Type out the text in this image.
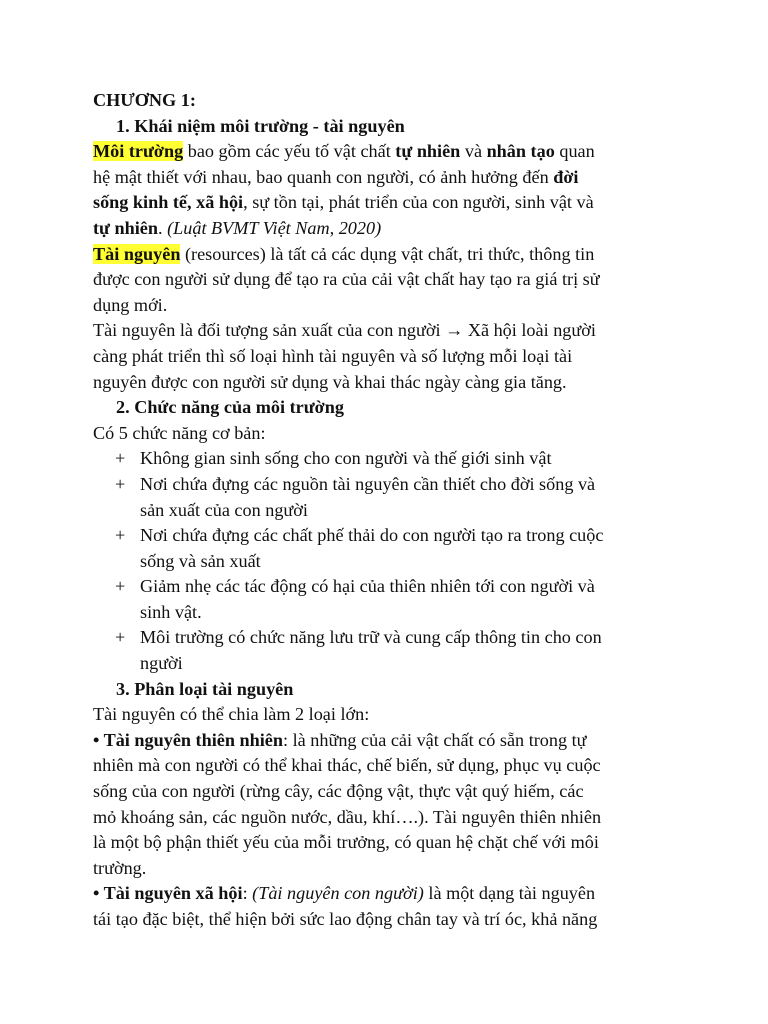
CHƯƠNG 1:
1. Khái niệm môi trường - tài nguyên
Môi trường bao gồm các yếu tố vật chất tự nhiên và nhân tạo quan
hệ mật thiết với nhau, bao quanh con người, có ảnh hưởng đến đời
sống kinh tế, xã hội, sự tồn tại, phát triển của con người, sinh vật và
tự nhiên. (Luật BVMT Việt Nam, 2020)
Tài nguyên (resources) là tất cả các dụng vật chất, tri thức, thông tin
được con người sử dụng để tạo ra của cải vật chất hay tạo ra giá trị sử
dụng mới.
Tài nguyên là đối tượng sản xuất của con người → Xã hội loài người
càng phát triển thì số loại hình tài nguyên và số lượng mỗi loại tài
nguyên được con người sử dụng và khai thác ngày càng gia tăng.
2. Chức năng của môi trường
Có 5 chức năng cơ bản:
+ Không gian sinh sống cho con người và thế giới sinh vật
+ Nơi chứa đựng các nguồn tài nguyên cần thiết cho đời sống và
sản xuất của con người
+ Nơi chứa đựng các chất phế thải do con người tạo ra trong cuộc
sống và sản xuất
+ Giảm nhẹ các tác động có hại của thiên nhiên tới con người và
sinh vật.
+ Môi trường có chức năng lưu trữ và cung cấp thông tin cho con
người
3. Phân loại tài nguyên
Tài nguyên có thể chia làm 2 loại lớn:
• Tài nguyên thiên nhiên: là những của cải vật chất có sẵn trong tự
nhiên mà con người có thể khai thác, chế biến, sử dụng, phục vụ cuộc
sống của con người (rừng cây, các động vật, thực vật quý hiếm, các
mỏ khoáng sản, các nguồn nước, dầu, khí….). Tài nguyên thiên nhiên
là một bộ phận thiết yếu của mỗi trưởng, có quan hệ chặt chế với môi
trường.
• Tài nguyên xã hội: (Tài nguyên con người) là một dạng tài nguyên
tái tạo đặc biệt, thể hiện bởi sức lao động chân tay và trí óc, khả năng
